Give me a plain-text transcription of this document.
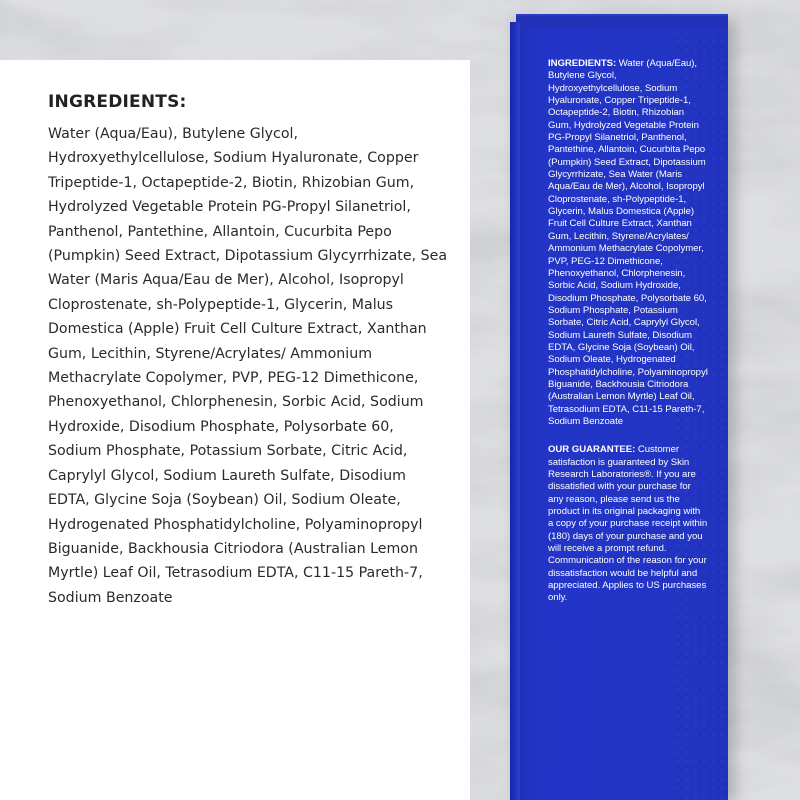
INGREDIENTS:

Water (Aqua/Eau), Butylene Glycol, Hydroxyethylcellulose, Sodium Hyaluronate, Copper Tripeptide-1, Octapeptide-2, Biotin, Rhizobian Gum, Hydrolyzed Vegetable Protein PG-Propyl Silanetriol, Panthenol, Pantethine, Allantoin, Cucurbita Pepo (Pumpkin) Seed Extract, Dipotassium Glycyrrhizate, Sea Water (Maris Aqua/Eau de Mer), Alcohol, Isopropyl Cloprostenate, sh-Polypeptide-1, Glycerin, Malus Domestica (Apple) Fruit Cell Culture Extract, Xanthan Gum, Lecithin, Styrene/Acrylates/ Ammonium Methacrylate Copolymer, PVP, PEG-12 Dimethicone, Phenoxyethanol, Chlorphenesin, Sorbic Acid, Sodium Hydroxide, Disodium Phosphate, Polysorbate 60, Sodium Phosphate, Potassium Sorbate, Citric Acid, Caprylyl Glycol, Sodium Laureth Sulfate, Disodium EDTA, Glycine Soja (Soybean) Oil, Sodium Oleate, Hydrogenated Phosphatidylcholine, Polyaminopropyl Biguanide, Backhousia Citriodora (Australian Lemon Myrtle) Leaf Oil, Tetrasodium EDTA, C11-15 Pareth-7, Sodium Benzoate

INGREDIENTS: Water (Aqua/Eau), Butylene Glycol, Hydroxyethylcellulose, Sodium Hyaluronate, Copper Tripeptide-1, Octapeptide-2, Biotin, Rhizobian Gum, Hydrolyzed Vegetable Protein PG-Propyl Silanetriol, Panthenol, Pantethine, Allantoin, Cucurbita Pepo (Pumpkin) Seed Extract, Dipotassium Glycyrrhizate, Sea Water (Maris Aqua/Eau de Mer), Alcohol, Isopropyl Cloprostenate, sh-Polypeptide-1, Glycerin, Malus Domestica (Apple) Fruit Cell Culture Extract, Xanthan Gum, Lecithin, Styrene/Acrylates/ Ammonium Methacrylate Copolymer, PVP, PEG-12 Dimethicone, Phenoxyethanol, Chlorphenesin, Sorbic Acid, Sodium Hydroxide, Disodium Phosphate, Polysorbate 60, Sodium Phosphate, Potassium Sorbate, Citric Acid, Caprylyl Glycol, Sodium Laureth Sulfate, Disodium EDTA, Glycine Soja (Soybean) Oil, Sodium Oleate, Hydrogenated Phosphatidylcholine, Polyaminopropyl Biguanide, Backhousia Citriodora (Australian Lemon Myrtle) Leaf Oil, Tetrasodium EDTA, C11-15 Pareth-7, Sodium Benzoate

OUR GUARANTEE: Customer satisfaction is guaranteed by Skin Research Laboratories®. If you are dissatisfied with your purchase for any reason, please send us the product in its original packaging with a copy of your purchase receipt within (180) days of your purchase and you will receive a prompt refund. Communication of the reason for your dissatisfaction would be helpful and appreciated. Applies to US purchases only.
